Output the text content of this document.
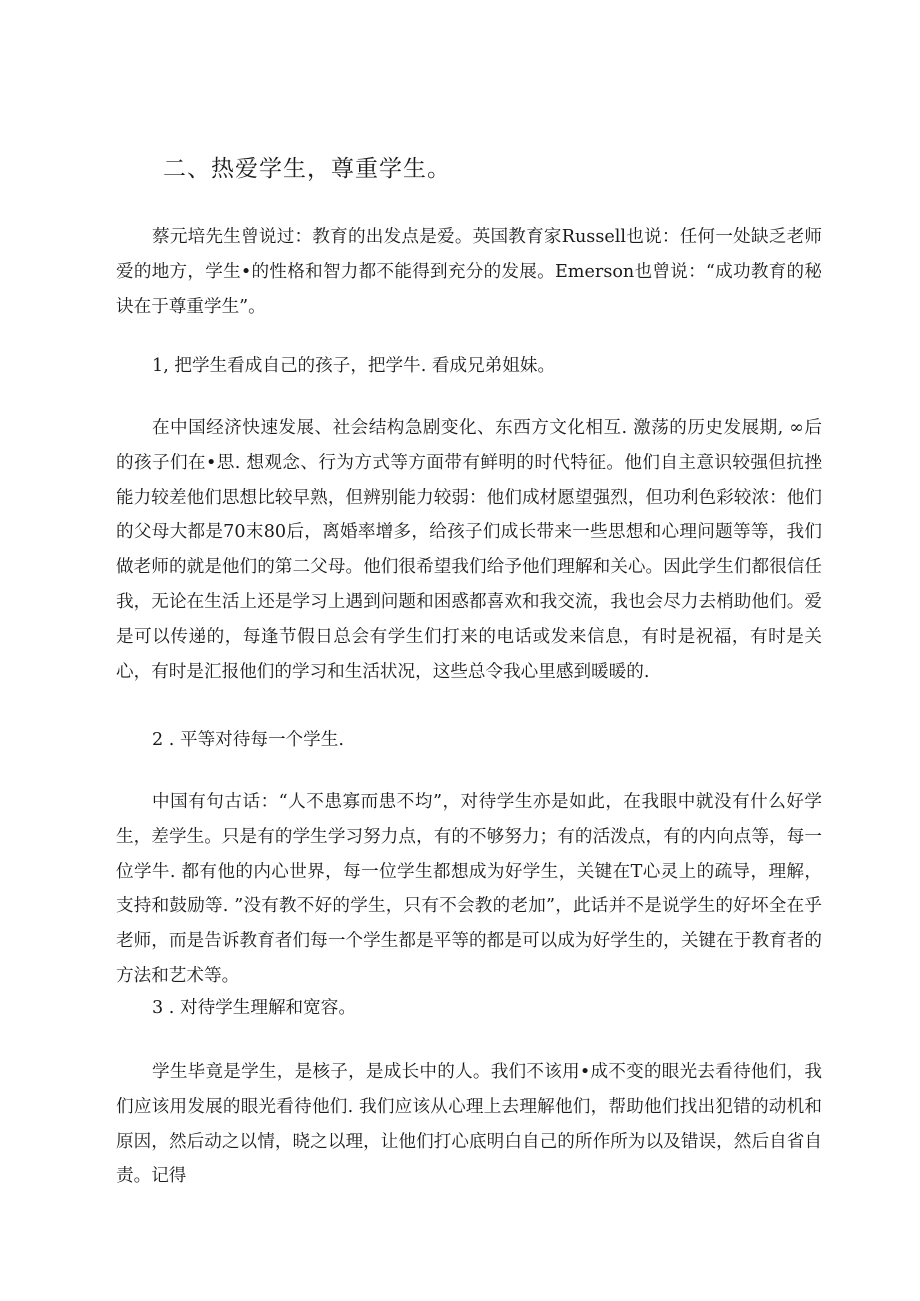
二、热爱学生，尊重学生。

蔡元培先生曾说过：教育的出发点是爱。英国教育家Russell也说：任何一处缺乏老师爱的地方，学生•的性格和智力都不能得到充分的发展。Emerson也曾说：“成功教育的秘诀在于尊重学生”。

1, 把学生看成自己的孩子，把学牛. 看成兄弟姐妹。

在中国经济快速发展、社会结构急剧变化、东西方文化相互. 激荡的历史发展期, ∞后的孩子们在•思. 想观念、行为方式等方面带有鲜明的时代特征。他们自主意识较强但抗挫能力较差他们思想比较早熟，但辨别能力较弱：他们成材愿望强烈，但功利色彩较浓：他们的父母大都是70末80后，离婚率增多，给孩子们成长带来一些思想和心理问题等等，我们做老师的就是他们的第二父母。他们很希望我们给予他们理解和关心。因此学生们都很信任我，无论在生活上还是学习上遇到问题和困惑都喜欢和我交流，我也会尽力去梢助他们。爱是可以传递的，每逢节假日总会有学生们打来的电话或发来信息，有时是祝福，有时是关心，有时是汇报他们的学习和生活状况，这些总令我心里感到暖暖的.

2 . 平等对待每一个学生.

中国有句古话：“人不患寡而患不均”，对待学生亦是如此，在我眼中就没有什么好学生，差学生。只是有的学生学习努力点，有的不够努力；有的活泼点，有的内向点等，每一位学牛. 都有他的内心世界，每一位学生都想成为好学生，关键在T心灵上的疏导，理解，支持和鼓励等. ”没有教不好的学生，只有不会教的老加”，此话并不是说学生的好坏全在乎老师，而是告诉教育者们每一个学生都是平等的都是可以成为好学生的，关键在于教育者的方法和艺术等。

3 . 对待学生理解和宽容。

学生毕竟是学生，是核子，是成长中的人。我们不该用•成不变的眼光去看待他们，我们应该用发展的眼光看待他们. 我们应该从心理上去理解他们，帮助他们找出犯错的动机和原因，然后动之以情，晓之以理，让他们打心底明白自己的所作所为以及错误，然后自省自责。记得
